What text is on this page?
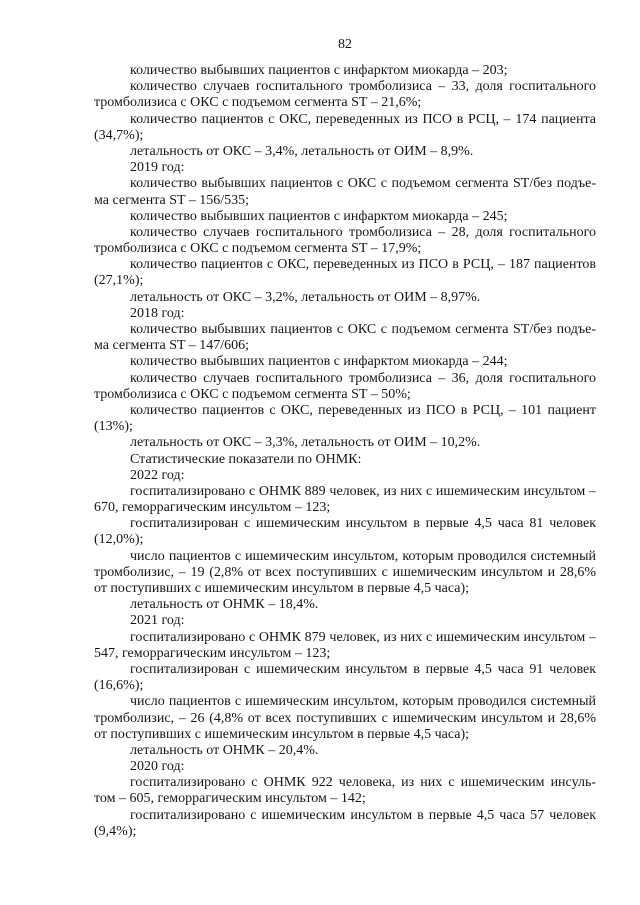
82
количество выбывших пациентов с инфарктом миокарда – 203;
количество случаев госпитального тромболизиса – 33, доля госпитального
тромболизиса с ОКС с подъемом сегмента ST – 21,6%;
количество пациентов с ОКС, переведенных из ПСО в РСЦ, – 174 пациента
(34,7%);
летальность от ОКС – 3,4%, летальность от ОИМ – 8,9%.
2019 год:
количество выбывших пациентов с ОКС с подъемом сегмента ST/без подъе-
ма сегмента ST – 156/535;
количество выбывших пациентов с инфарктом миокарда – 245;
количество случаев госпитального тромболизиса – 28, доля госпитального
тромболизиса с ОКС с подъемом сегмента ST – 17,9%;
количество пациентов с ОКС, переведенных из ПСО в РСЦ, – 187 пациентов
(27,1%);
летальность от ОКС – 3,2%, летальность от ОИМ – 8,97%.
2018 год:
количество выбывших пациентов с ОКС с подъемом сегмента ST/без подъе-
ма сегмента ST – 147/606;
количество выбывших пациентов с инфарктом миокарда – 244;
количество случаев госпитального тромболизиса – 36, доля госпитального
тромболизиса с ОКС с подъемом сегмента ST – 50%;
количество пациентов с ОКС, переведенных из ПСО в РСЦ, – 101 пациент
(13%);
летальность от ОКС – 3,3%, летальность от ОИМ – 10,2%.
Статистические показатели по ОНМК:
2022 год:
госпитализировано с ОНМК 889 человек, из них с ишемическим инсультом –
670, геморрагическим инсультом – 123;
госпитализирован с ишемическим инсультом в первые 4,5 часа 81 человек
(12,0%);
число пациентов с ишемическим инсультом, которым проводился системный
тромболизис, – 19 (2,8% от всех поступивших с ишемическим инсультом и 28,6%
от поступивших с ишемическим инсультом в первые 4,5 часа);
летальность от ОНМК – 18,4%.
2021 год:
госпитализировано с ОНМК 879 человек, из них с ишемическим инсультом –
547, геморрагическим инсультом – 123;
госпитализирован с ишемическим инсультом в первые 4,5 часа 91 человек
(16,6%);
число пациентов с ишемическим инсультом, которым проводился системный
тромболизис, – 26 (4,8% от всех поступивших с ишемическим инсультом и 28,6%
от поступивших с ишемическим инсультом в первые 4,5 часа);
летальность от ОНМК – 20,4%.
2020 год:
госпитализировано с ОНМК 922 человека, из них с ишемическим инсуль-
том – 605, геморрагическим инсультом – 142;
госпитализировано с ишемическим инсультом в первые 4,5 часа 57 человек
(9,4%);
